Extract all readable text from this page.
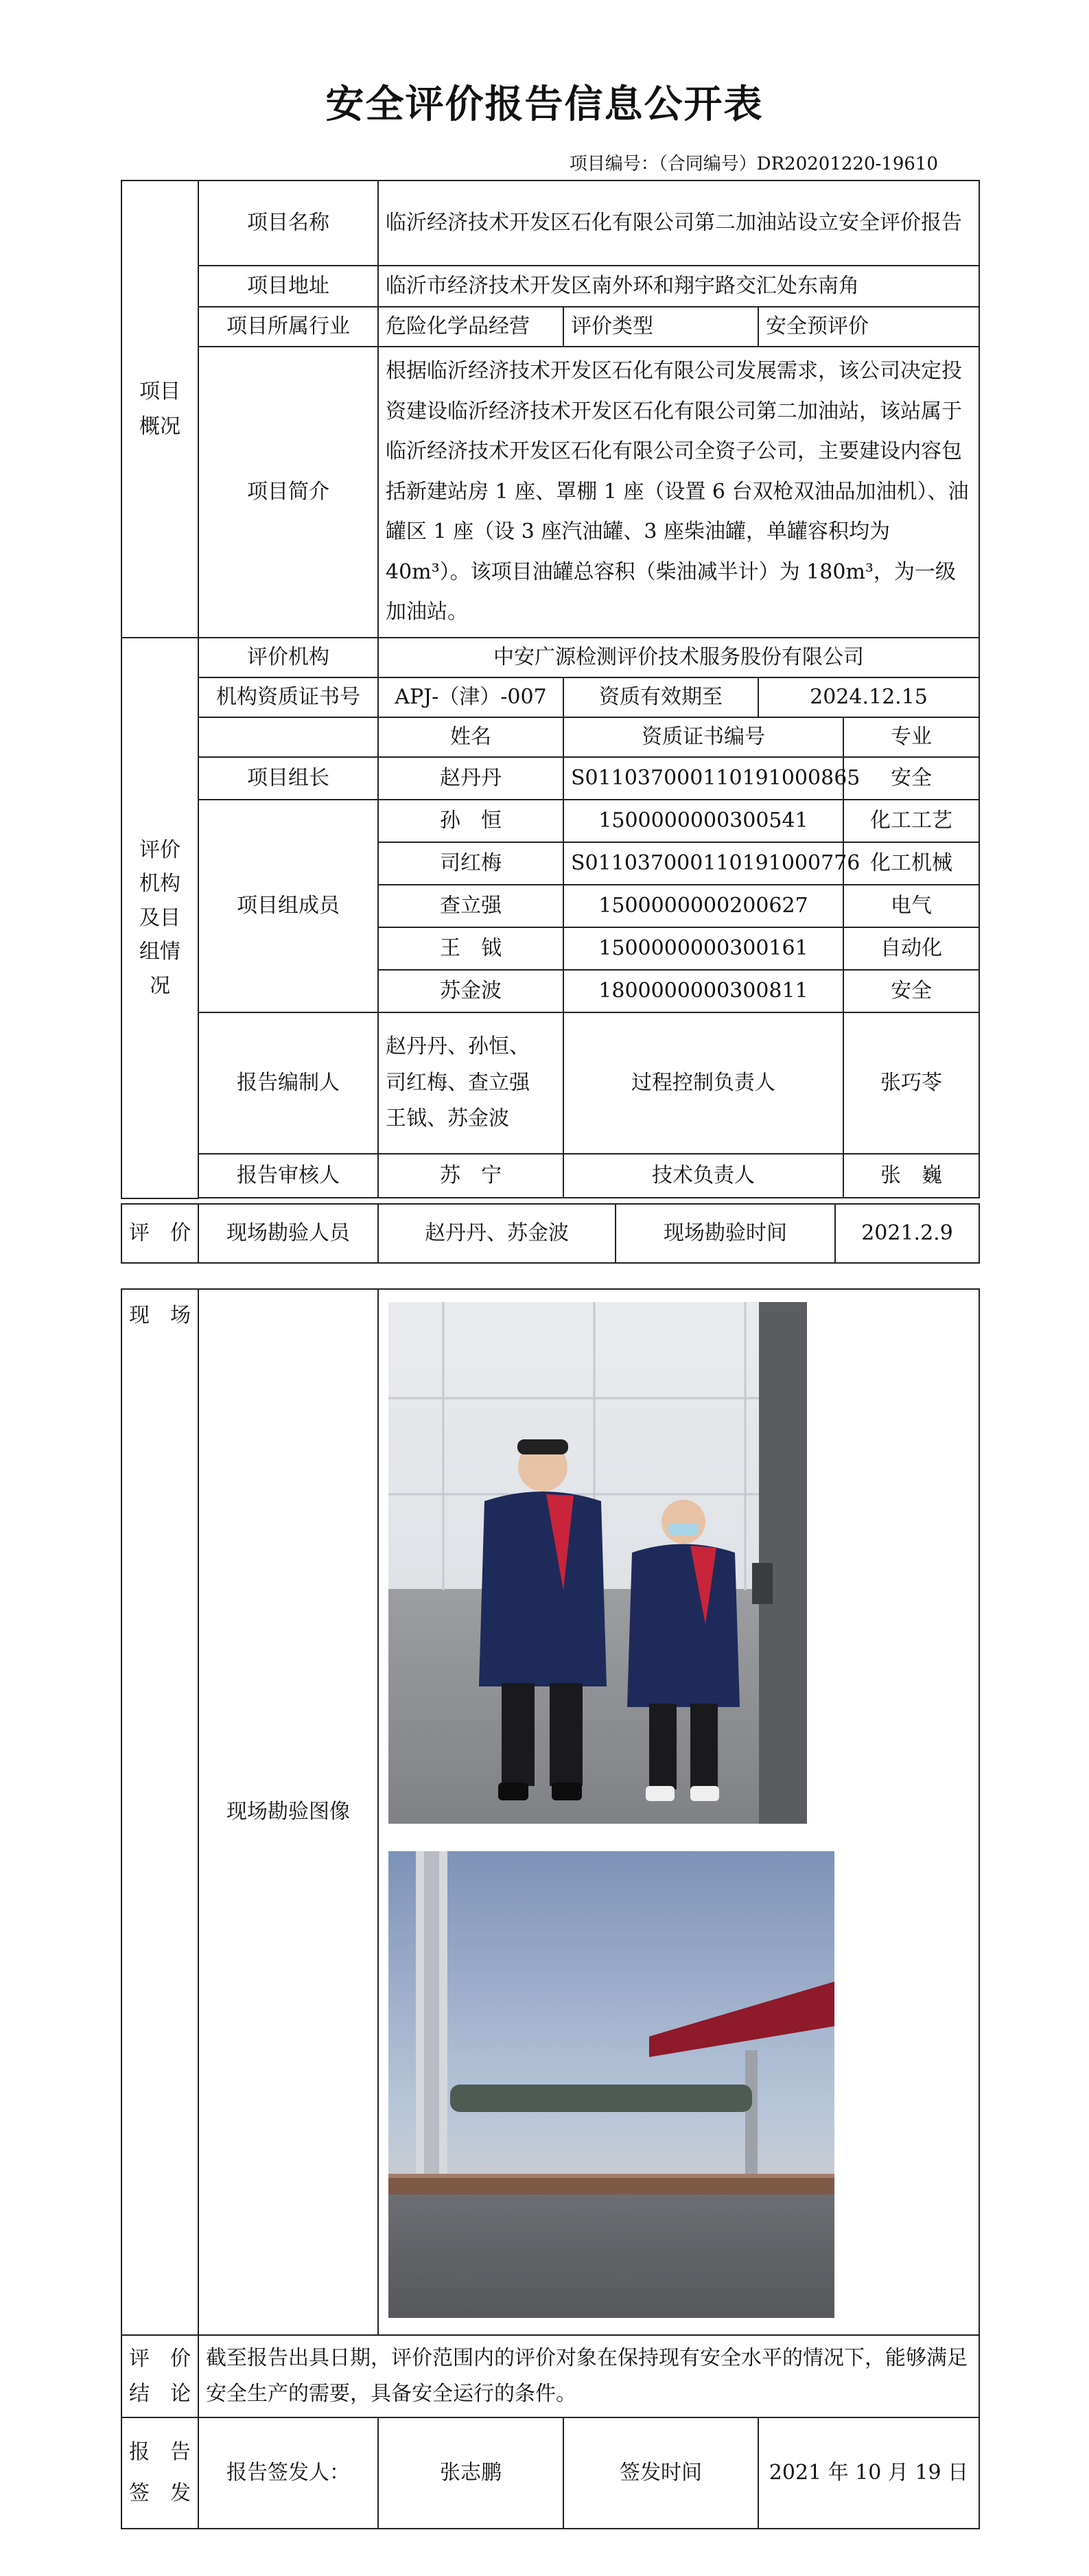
安全评价报告信息公开表
项目编号：（合同编号）DR20201220-19610
项目
概况	项目名称	临沂经济技术开发区石化有限公司第二加油站设立安全评价报告			
	项目地址	临沂市经济技术开发区南外环和翔宇路交汇处东南角			
	项目所属行业	危险化学品经营	评价类型	安全预评价	
	项目简介	根据临沂经济技术开发区石化有限公司发展需求，该公司决定投资建设临沂经济技术开发区石化有限公司第二加油站，该站属于临沂经济技术开发区石化有限公司全资子公司，主要建设内容包括新建站房 1 座、罩棚 1 座（设置 6 台双枪双油品加油机）、油罐区 1 座（设 3 座汽油罐、3 座柴油罐，单罐容积均为 40m³）。该项目油罐总容积（柴油减半计）为 180m³，为一级加油站。			
评价
机构
及目
组情
况	评价机构	中安广源检测评价技术服务股份有限公司			
	机构资质证书号	APJ-（津）-007	资质有效期至	2024.12.15	
		姓名	资质证书编号		专业
	项目组长	赵丹丹	S011037000110191000865		安全
	项目组成员	孙　恒	1500000000300541		化工工艺
		司红梅	S011037000110191000776		化工机械
		查立强	1500000000200627		电气
		王　钺	1500000000300161		自动化
		苏金波	1800000000300811		安全
	报告编制人	赵丹丹、孙恒、
司红梅、查立强
王钺、苏金波	过程控制负责人		张巧苓
	报告审核人	苏　宁	技术负责人		张　巍

评　价	现场勘验人员	赵丹丹、苏金波	现场勘验时间	2021.2.9
现　场	现场勘验图像	

评　价
结　论	截至报告出具日期，评价范围内的评价对象在保持现有安全水平的情况下，能够满足安全生产的需要，具备安全运行的条件。			
报　告
签　发	报告签发人：	张志鹏	签发时间	2021 年 10 月 19 日
